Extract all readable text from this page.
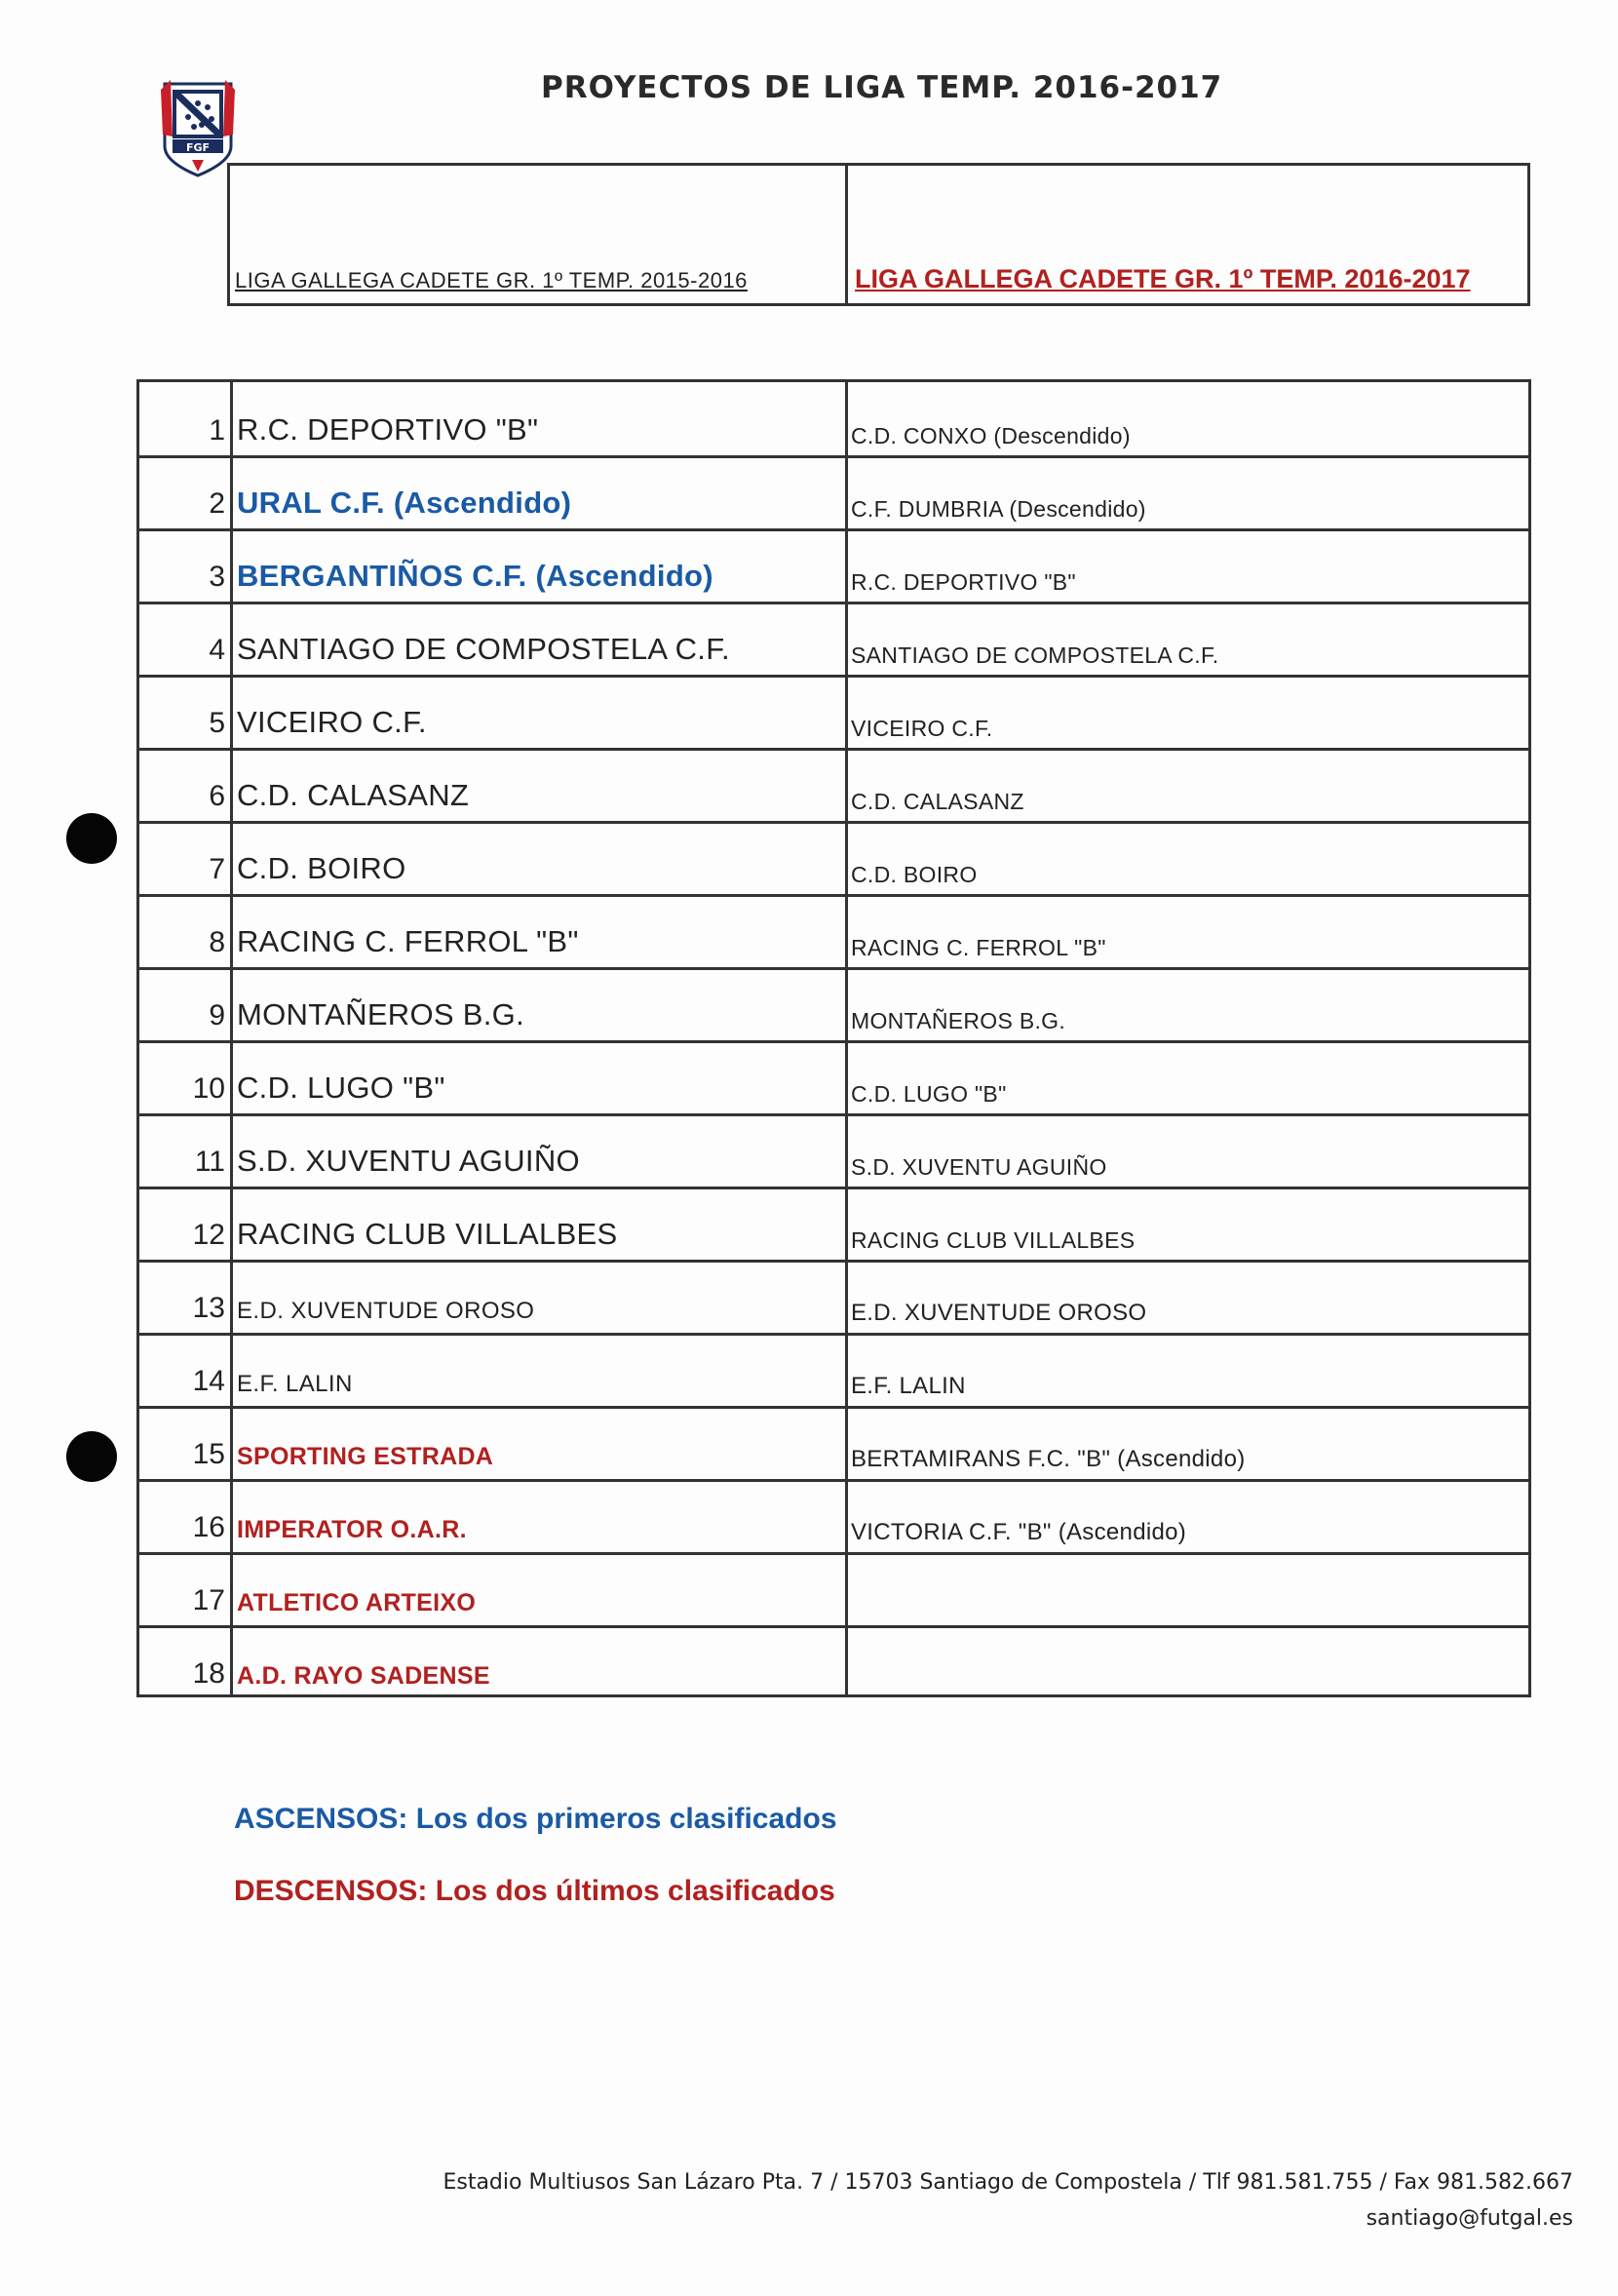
FGF
PROYECTOS DE LIGA TEMP. 2016-2017
LIGA GALLEGA CADETE GR. 1º TEMP. 2015-2016	LIGA GALLEGA CADETE GR. 1º TEMP. 2016-2017
1 R.C. DEPORTIVO "B"	C.D. CONXO (Descendido)
2 URAL C.F. (Ascendido)	C.F. DUMBRIA (Descendido)
3 BERGANTIÑOS C.F. (Ascendido)	R.C. DEPORTIVO "B"
4 SANTIAGO DE COMPOSTELA C.F.	SANTIAGO DE COMPOSTELA C.F.
5 VICEIRO C.F.	VICEIRO C.F.
6 C.D. CALASANZ	C.D. CALASANZ
7 C.D. BOIRO	C.D. BOIRO
8 RACING C. FERROL "B"	RACING C. FERROL "B"
9 MONTAÑEROS B.G.	MONTAÑEROS B.G.
10 C.D. LUGO "B"	C.D. LUGO "B"
11 S.D. XUVENTU AGUIÑO	S.D. XUVENTU AGUIÑO
12 RACING CLUB VILLALBES	RACING CLUB VILLALBES
13 E.D. XUVENTUDE OROSO	E.D. XUVENTUDE OROSO
14 E.F. LALIN	E.F. LALIN
15 SPORTING ESTRADA	BERTAMIRANS F.C. "B" (Ascendido)
16 IMPERATOR O.A.R.	VICTORIA C.F. "B" (Ascendido)
17 ATLETICO ARTEIXO
18 A.D. RAYO SADENSE
ASCENSOS: Los dos primeros clasificados
DESCENSOS: Los dos últimos clasificados
Estadio Multiusos San Lázaro Pta. 7 / 15703 Santiago de Compostela / Tlf 981.581.755 / Fax 981.582.667
santiago@futgal.es
